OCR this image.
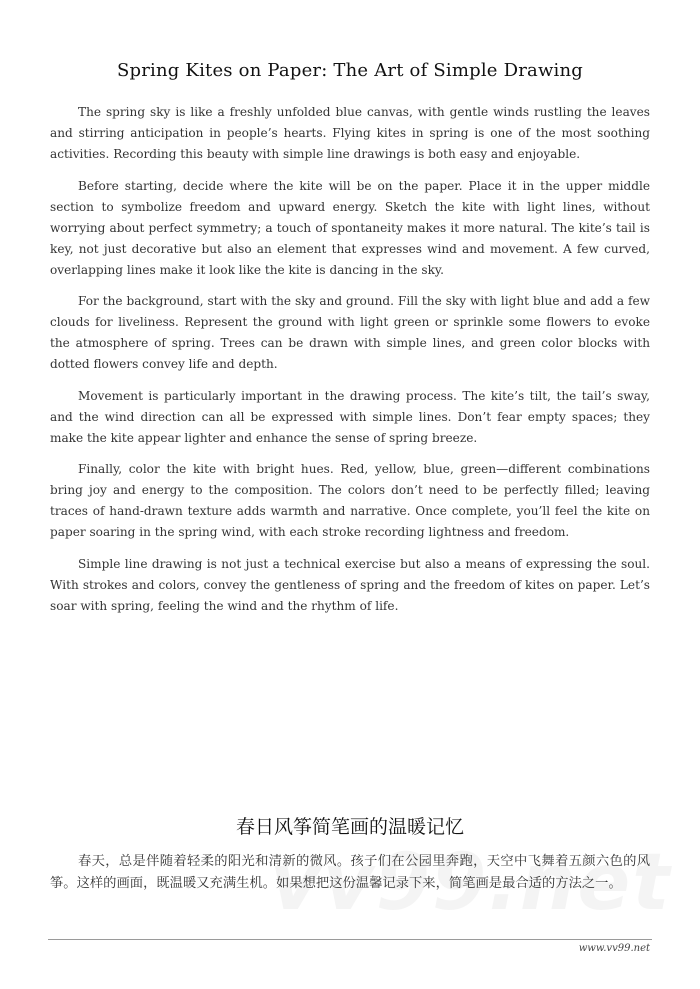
Spring Kites on Paper: The Art of Simple Drawing

The spring sky is like a freshly unfolded blue canvas, with gentle winds rustling the leaves and stirring anticipation in people’s hearts. Flying kites in spring is one of the most soothing activities. Recording this beauty with simple line drawings is both easy and enjoyable.

Before starting, decide where the kite will be on the paper. Place it in the upper middle section to symbolize freedom and upward energy. Sketch the kite with light lines, without worrying about perfect symmetry; a touch of spontaneity makes it more natural. The kite’s tail is key, not just decorative but also an element that expresses wind and movement. A few curved, overlapping lines make it look like the kite is dancing in the sky.

For the background, start with the sky and ground. Fill the sky with light blue and add a few clouds for liveliness. Represent the ground with light green or sprinkle some flowers to evoke the atmosphere of spring. Trees can be drawn with simple lines, and green color blocks with dotted flowers convey life and depth.

Movement is particularly important in the drawing process. The kite’s tilt, the tail’s sway, and the wind direction can all be expressed with simple lines. Don’t fear empty spaces; they make the kite appear lighter and enhance the sense of spring breeze.

Finally, color the kite with bright hues. Red, yellow, blue, green—different combinations bring joy and energy to the composition. The colors don’t need to be perfectly filled; leaving traces of hand-drawn texture adds warmth and narrative. Once complete, you’ll feel the kite on paper soaring in the spring wind, with each stroke recording lightness and freedom.

Simple line drawing is not just a technical exercise but also a means of expressing the soul. With strokes and colors, convey the gentleness of spring and the freedom of kites on paper. Let’s soar with spring, feeling the wind and the rhythm of life.

春日风筝简笔画的温暖记忆

春天，总是伴随着轻柔的阳光和清新的微风。孩子们在公园里奔跑，天空中飞舞着五颜六色的风筝。这样的画面，既温暖又充满生机。如果想把这份温馨记录下来，简笔画是最合适的方法之一。

www.vv99.net
